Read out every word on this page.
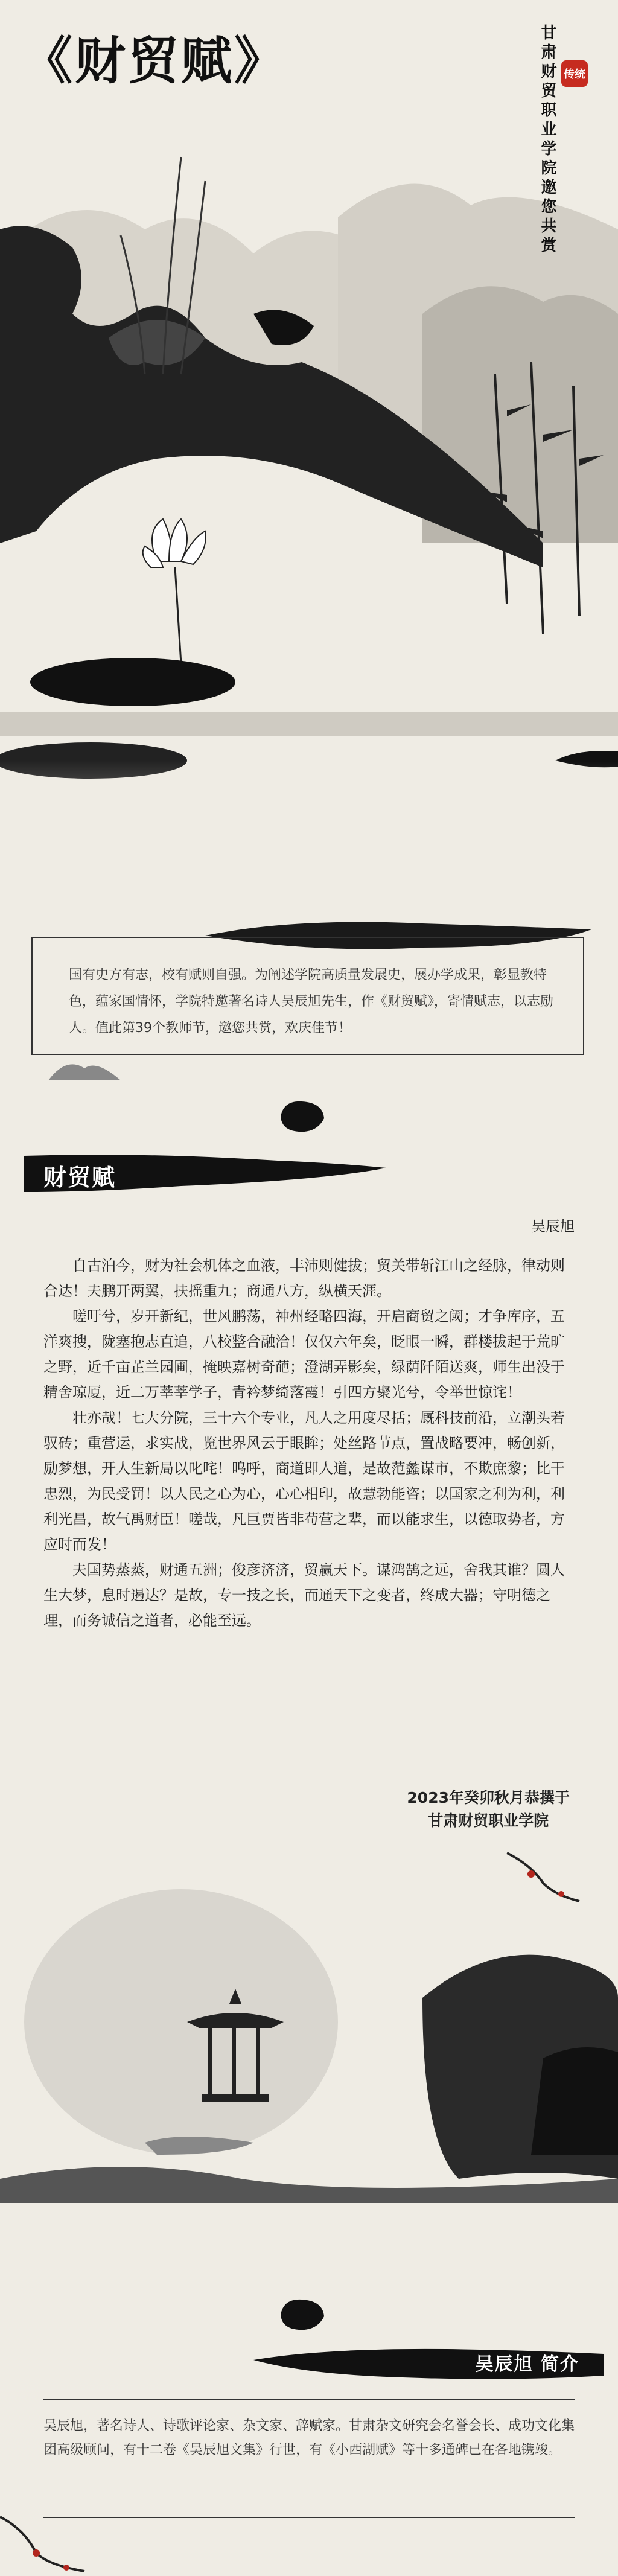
《财贸赋》	甘肃财贸职业学院邀您共赏 传统
国有史方有志，校有赋则自强。为阐述学院高质量发展史，展办学成果，彰显教特色，蕴家国情怀，学院特邀著名诗人吴辰旭先生，作《财贸赋》，寄情赋志，以志励人。值此第39个教师节，邀您共赏，欢庆佳节！
财贸赋
吴辰旭

自古泊今，财为社会机体之血液，丰沛则健拔；贸关带斩江山之经脉，律动则合达！夫鹏开两翼，扶摇重九；商通八方，纵横天涯。

嗟吁兮，岁开新纪，世风鹏荡，神州经略四海，开启商贸之阈；才争库序，五洋爽搜，陇塞抱志直追，八校整合融洽！仅仅六年矣，眨眼一瞬，群楼拔起于荒旷之野，近千亩芷兰园圃，掩映嘉树奇葩；澄湖弄影矣，绿荫阡陌送爽，师生出没于精舍琼厦，近二万莘莘学子，青衿梦绮落霞！引四方聚光兮，令举世惊诧！

壮亦哉！七大分院，三十六个专业，凡人之用度尽括；厩科技前沿，立潮头若驭砖；重营运，求实战，览世界风云于眼眸；处丝路节点，置战略要冲，畅创新，励梦想，开人生新局以叱咤！呜呼，商道即人道，是故范蠡谋市，不欺庶黎；比干忠烈，为民受罚！以人民之心为心，心心相印，故慧勃能咨；以国家之利为利，利利光昌，故气禹财臣！嗟哉，凡巨贾皆非苟营之辈，而以能求生，以德取势者，方应时而发！

夫国势蒸蒸，财通五洲；俊彦济济，贸赢天下。谋鸿鹄之远，舍我其谁？圆人生大梦，息时遏达？是故，专一技之长，而通天下之变者，终成大器；守明德之理，而务诚信之道者，必能至远。

2023年癸卯秋月恭撰于
甘肃财贸职业学院
吴辰旭 简介

吴辰旭，著名诗人、诗歌评论家、杂文家、辞赋家。甘肃杂文研究会名誉会长、成功文化集团高级顾问，有十二卷《吴辰旭文集》行世，有《小西湖赋》等十多通碑已在各地镌竣。
